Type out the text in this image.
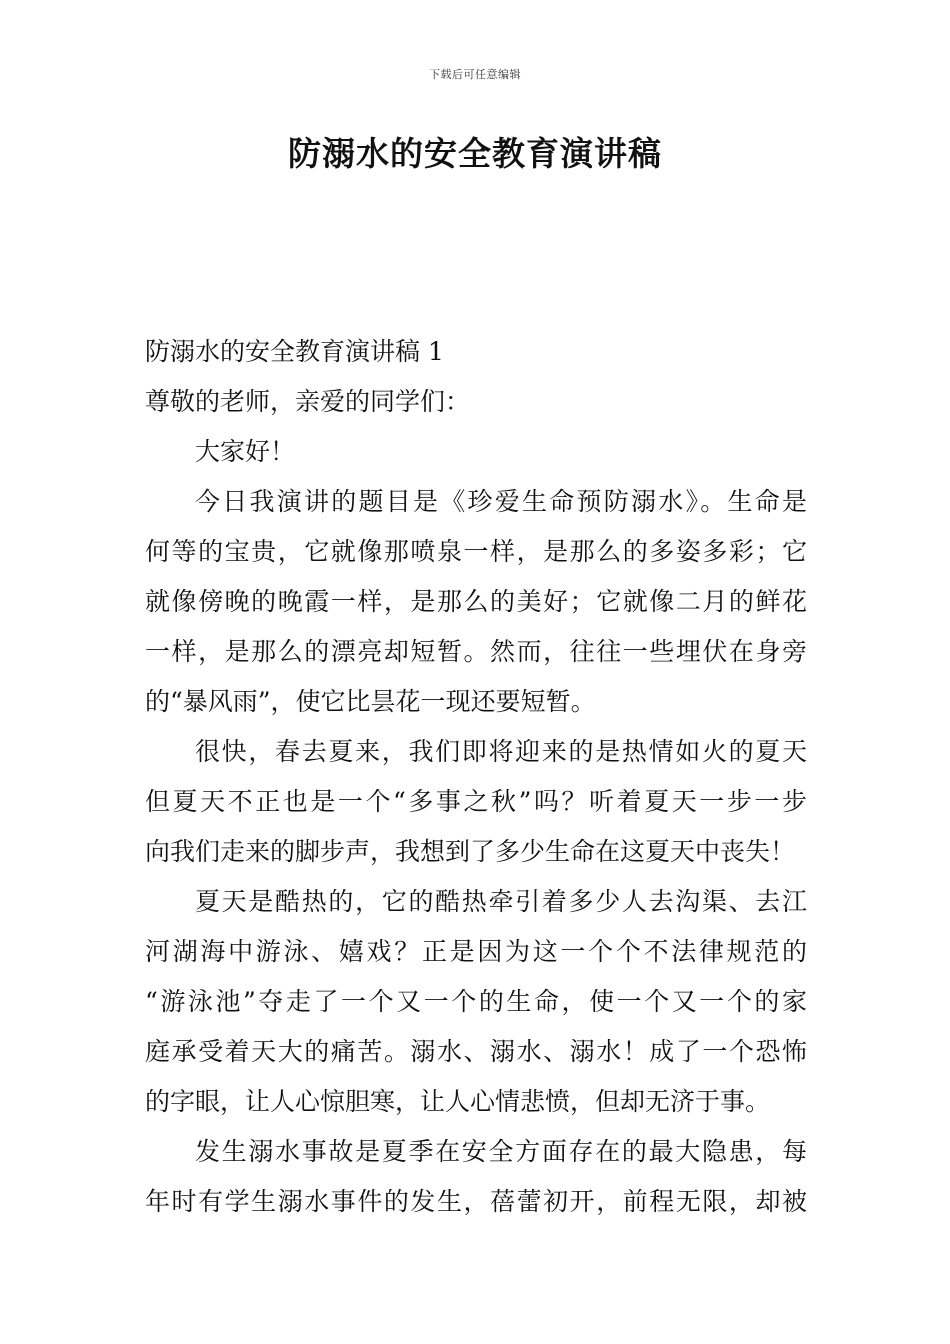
下载后可任意编辑
防溺水的安全教育演讲稿
防溺水的安全教育演讲稿 1
尊敬的老师，亲爱的同学们：
大家好！
今日我演讲的题目是《珍爱生命预防溺水》。生命是
何等的宝贵，它就像那喷泉一样，是那么的多姿多彩；它
就像傍晚的晚霞一样，是那么的美好；它就像二月的鲜花
一样，是那么的漂亮却短暂。然而，往往一些埋伏在身旁
的“暴风雨”，使它比昙花一现还要短暂。
很快，春去夏来，我们即将迎来的是热情如火的夏天
但夏天不正也是一个“多事之秋”吗？听着夏天一步一步
向我们走来的脚步声，我想到了多少生命在这夏天中丧失！
夏天是酷热的，它的酷热牵引着多少人去沟渠、去江
河湖海中游泳、嬉戏？正是因为这一个个不法律规范的
“游泳池”夺走了一个又一个的生命，使一个又一个的家
庭承受着天大的痛苦。溺水、溺水、溺水！成了一个恐怖
的字眼，让人心惊胆寒，让人心情悲愤，但却无济于事。
发生溺水事故是夏季在安全方面存在的最大隐患，每
年时有学生溺水事件的发生，蓓蕾初开，前程无限，却被
